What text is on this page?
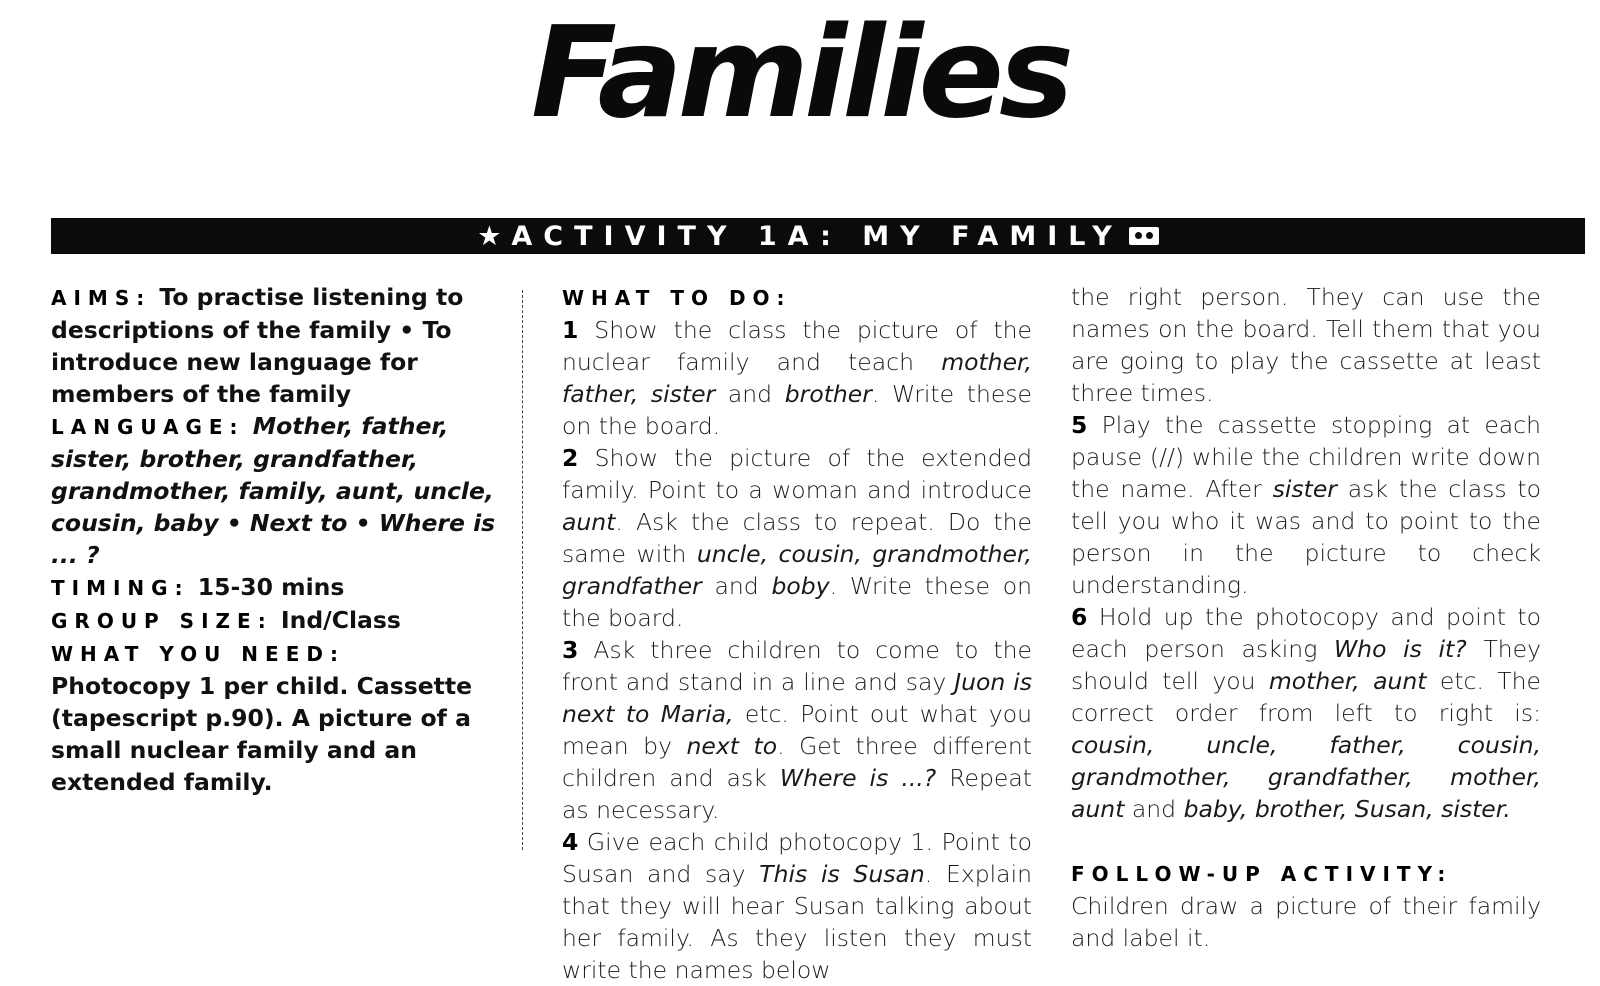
Families
★ ACTIVITY 1A: MY FAMILY

AIMS: To practise listening to descriptions of the family • To introduce new language for members of the family

LANGUAGE: Mother, father, sister, brother, grandfather, grandmother, family, aunt, uncle, cousin, baby • Next to • Where is ... ?

TIMING: 15-30 mins

GROUP SIZE: Ind/Class

WHAT YOU NEED:

Photocopy 1 per child. Cassette (tapescript p.90). A picture of a small nuclear family and an extended family.

WHAT TO DO:

1 Show the class the picture of the nuclear family and teach mother, father, sister and brother. Write these on the board.

2 Show the picture of the extended family. Point to a woman and introduce aunt. Ask the class to repeat. Do the same with uncle, cousin, grandmother, grandfather and boby. Write these on the board.

3 Ask three children to come to the front and stand in a line and say Juon is next to Maria, etc. Point out what you mean by next to. Get three different children and ask Where is ...? Repeat as necessary.

4 Give each child photocopy 1. Point to Susan and say This is Susan. Explain that they will hear Susan talking about her family. As they listen they must write the names below

the right person. They can use the names on the board. Tell them that you are going to play the cassette at least three times.

5 Play the cassette stopping at each pause (//) while the children write down the name. After sister ask the class to tell you who it was and to point to the person in the picture to check understanding.

6 Hold up the photocopy and point to each person asking Who is it? They should tell you mother, aunt etc. The correct order from left to right is: cousin, uncle, father, cousin, grandmother, grandfather, mother, aunt and baby, brother, Susan, sister.

FOLLOW-UP ACTIVITY:

Children draw a picture of their family and label it.
